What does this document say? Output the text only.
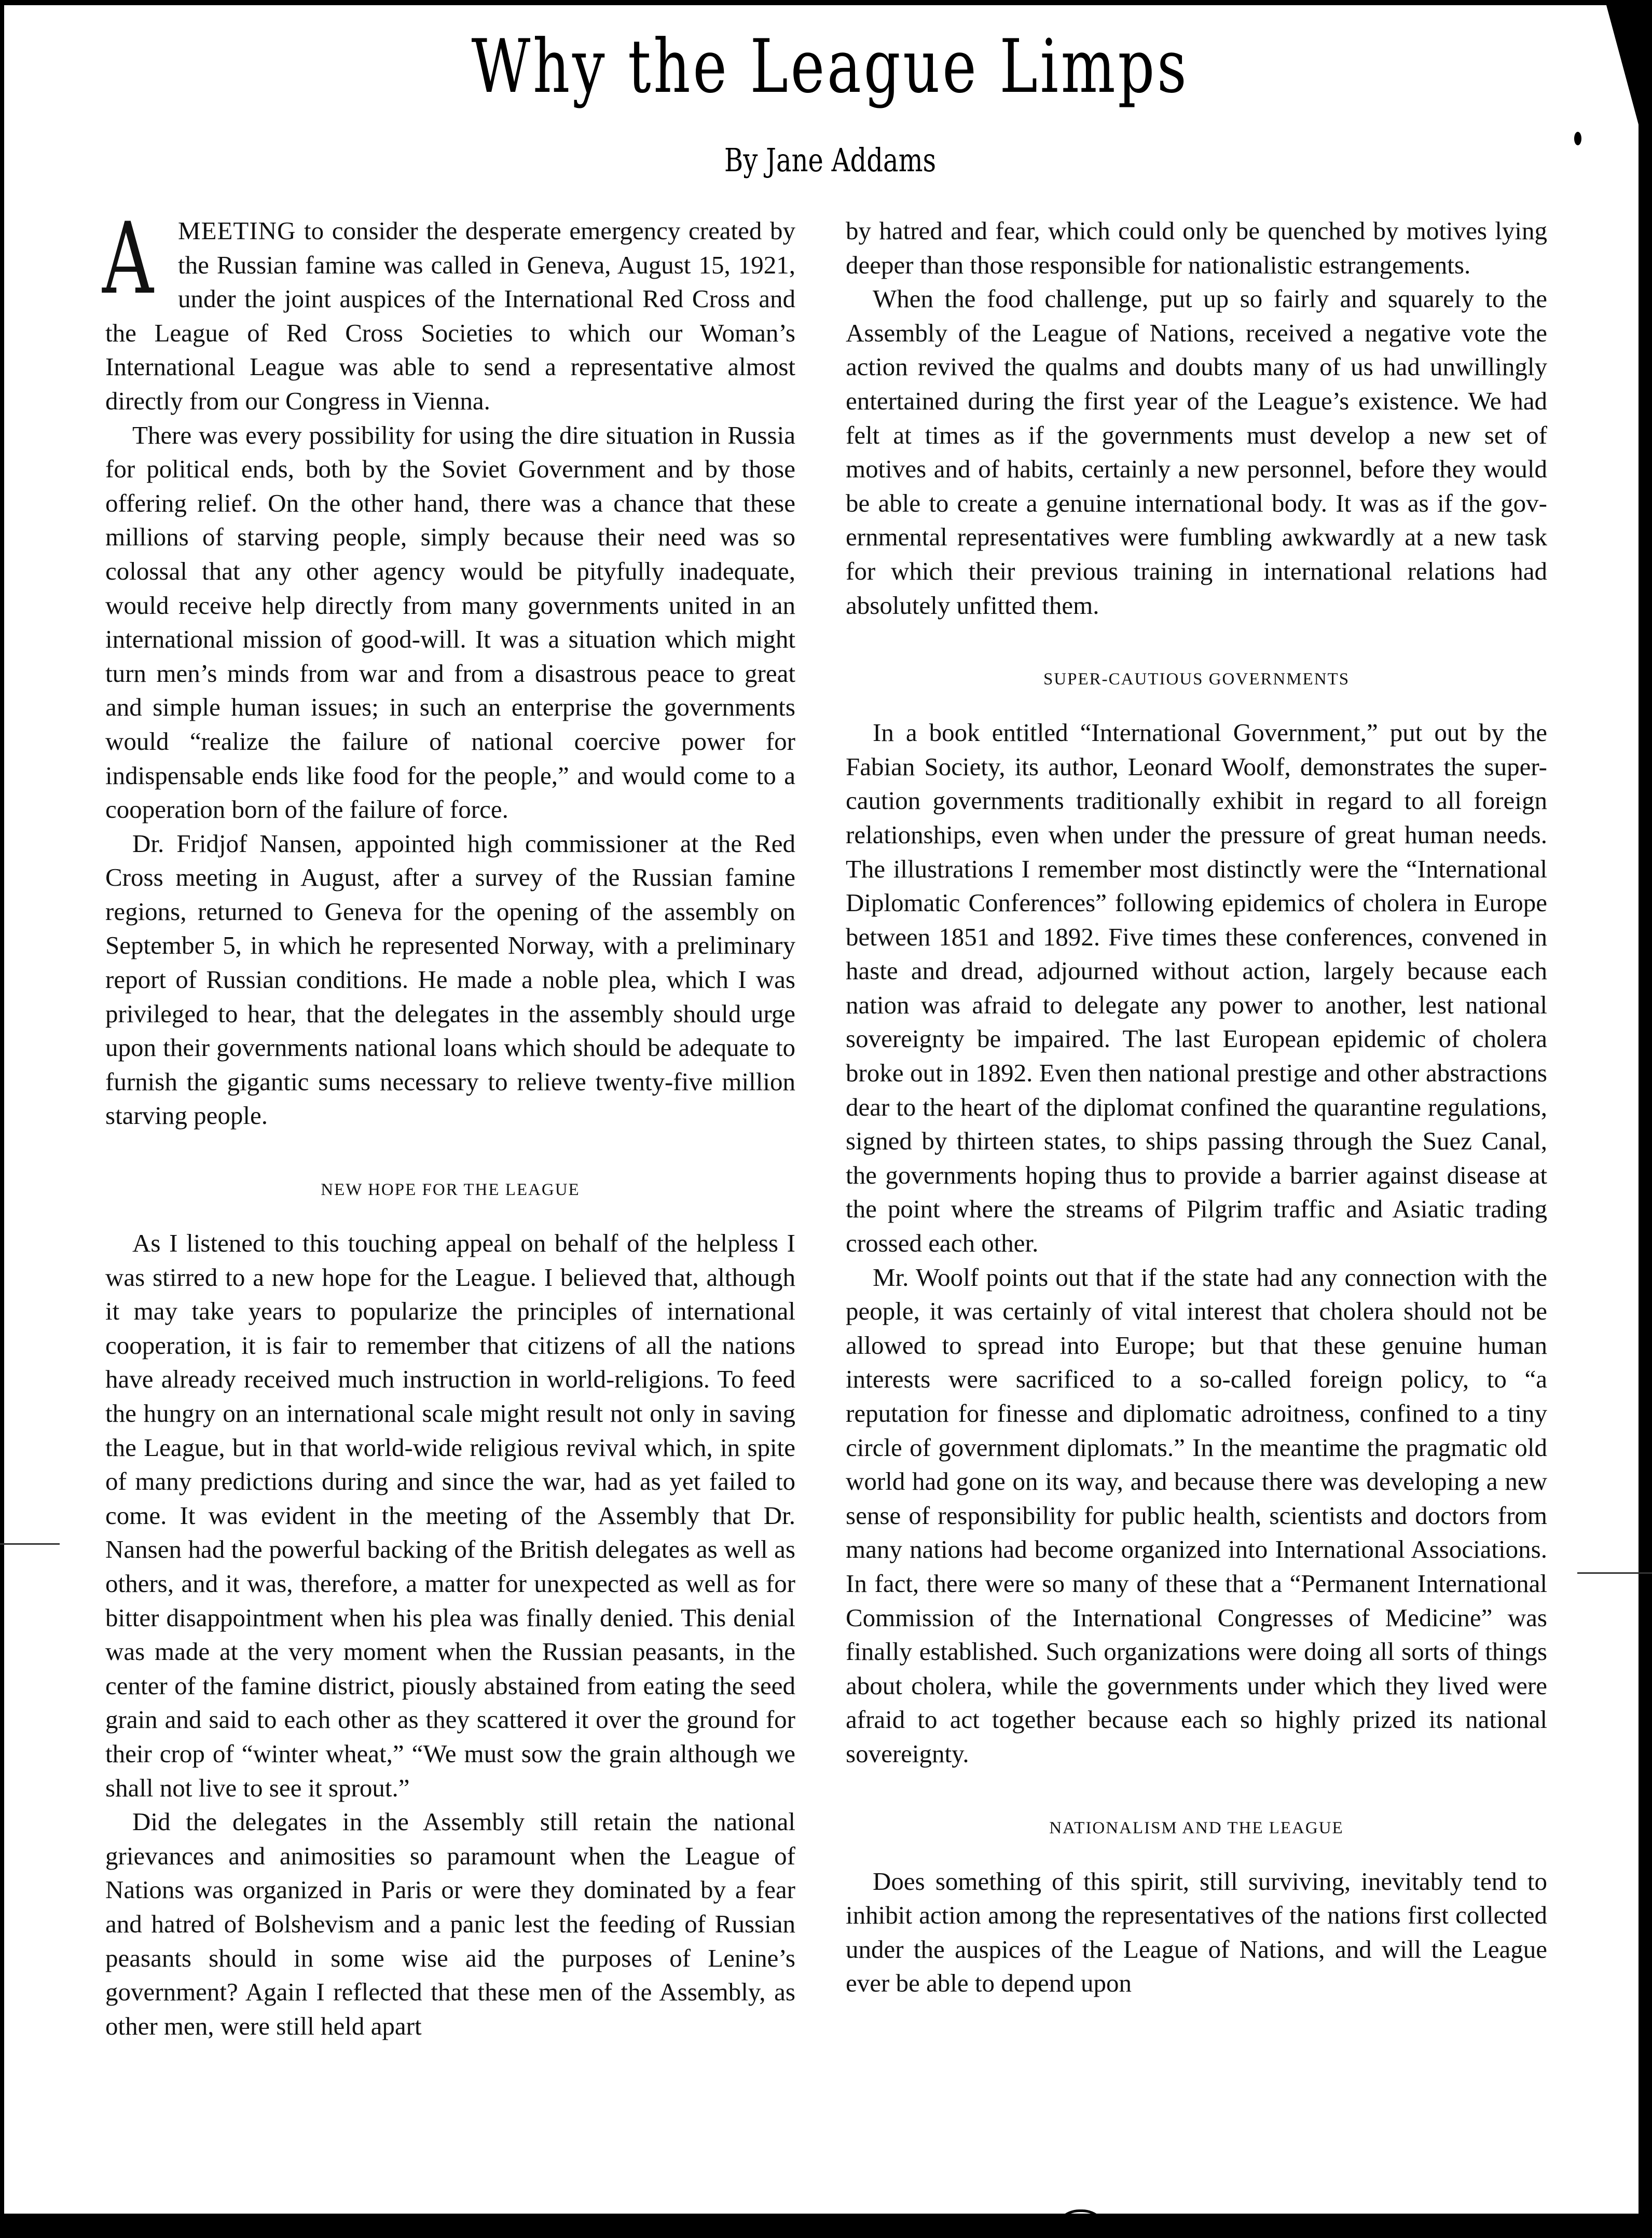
Why the League Limps
By Jane Addams

AMEETING to consider the desperate emergency created by the Russian famine was called in Geneva, August 15, 1921, under the joint auspices of the International Red Cross and the League of Red Cross Societies to which our Woman’s International League was able to send a representative almost directly from our Congress in Vienna.

There was every possibility for using the dire situation in Russia for political ends, both by the Soviet Government and by those offering relief. On the other hand, there was a chance that these millions of starving people, simply because their need was so colossal that any other agency would be pityfully inadequate, would receive help directly from many governments united in an international mission of good-will. It was a situation which might turn men’s minds from war and from a disastrous peace to great and simple human issues; in such an enterprise the governments would “realize the failure of national coercive power for indispensable ends like food for the people,” and would come to a cooperation born of the failure of force.

Dr. Fridjof Nansen, appointed high commissioner at the Red Cross meeting in August, after a survey of the Russian famine regions, returned to Geneva for the opening of the assembly on September 5, in which he represented Norway, with a preliminary report of Russian conditions. He made a noble plea, which I was privileged to hear, that the delegates in the assembly should urge upon their governments national loans which should be adequate to furnish the gigantic sums necessary to relieve twenty-five million starving people.

NEW HOPE FOR THE LEAGUE

As I listened to this touching appeal on behalf of the helpless I was stirred to a new hope for the League. I believed that, although it may take years to popularize the principles of international cooperation, it is fair to remember that citizens of all the nations have already received much instruction in world-religions. To feed the hungry on an international scale might result not only in saving the League, but in that world-wide religious revival which, in spite of many predictions during and since the war, had as yet failed to come. It was evident in the meeting of the Assembly that Dr. Nansen had the powerful backing of the British delegates as well as others, and it was, therefore, a matter for unexpected as well as for bitter disappointment when his plea was finally denied. This denial was made at the very moment when the Russian peasants, in the center of the famine district, piously abstained from eating the seed grain and said to each other as they scattered it over the ground for their crop of “winter wheat,” “We must sow the grain although we shall not live to see it sprout.”

Did the delegates in the Assembly still retain the national grievances and animosities so paramount when the League of Nations was organized in Paris or were they dominated by a fear and hatred of Bolshevism and a panic lest the feeding of Russian peasants should in some wise aid the purposes of Lenine’s government? Again I reflected that these men of the Assembly, as other men, were still held apart

by hatred and fear, which could only be quenched by motives lying deeper than those responsible for nationalistic estrangements.

When the food challenge, put up so fairly and squarely to the Assembly of the League of Nations, received a negative vote the action revived the qualms and doubts many of us had unwillingly entertained during the first year of the League’s existence. We had felt at times as if the governments must develop a new set of motives and of habits, certainly a new personnel, before they would be able to create a genuine international body. It was as if the governmental representatives were fumbling awkwardly at a new task for which their previous training in international relations had absolutely unfitted them.

SUPER-CAUTIOUS GOVERNMENTS

In a book entitled “International Government,” put out by the Fabian Society, its author, Leonard Woolf, demonstrates the super-caution governments traditionally exhibit in regard to all foreign relationships, even when under the pressure of great human needs. The illustrations I remember most distinctly were the “International Diplomatic Conferences” following epidemics of cholera in Europe between 1851 and 1892. Five times these conferences, convened in haste and dread, adjourned without action, largely because each nation was afraid to delegate any power to another, lest national sovereignty be impaired. The last European epidemic of cholera broke out in 1892. Even then national prestige and other abstractions dear to the heart of the diplomat confined the quarantine regulations, signed by thirteen states, to ships passing through the Suez Canal, the governments hoping thus to provide a barrier against disease at the point where the streams of Pilgrim traffic and Asiatic trading crossed each other.

Mr. Woolf points out that if the state had any connection with the people, it was certainly of vital interest that cholera should not be allowed to spread into Europe; but that these genuine human interests were sacrificed to a so-called foreign policy, to “a reputation for finesse and diplomatic adroitness, confined to a tiny circle of government diplomats.” In the meantime the pragmatic old world had gone on its way, and because there was developing a new sense of responsibility for public health, scientists and doctors from many nations had become organized into International Associations. In fact, there were so many of these that a “Permanent International Commission of the International Congresses of Medicine” was finally established. Such organizations were doing all sorts of things about cholera, while the governments under which they lived were afraid to act together because each so highly prized its national sovereignty.

NATIONALISM AND THE LEAGUE

Does something of this spirit, still surviving, inevitably tend to inhibit action among the representatives of the nations first collected under the auspices of the League of Nations, and will the League ever be able to depend upon
